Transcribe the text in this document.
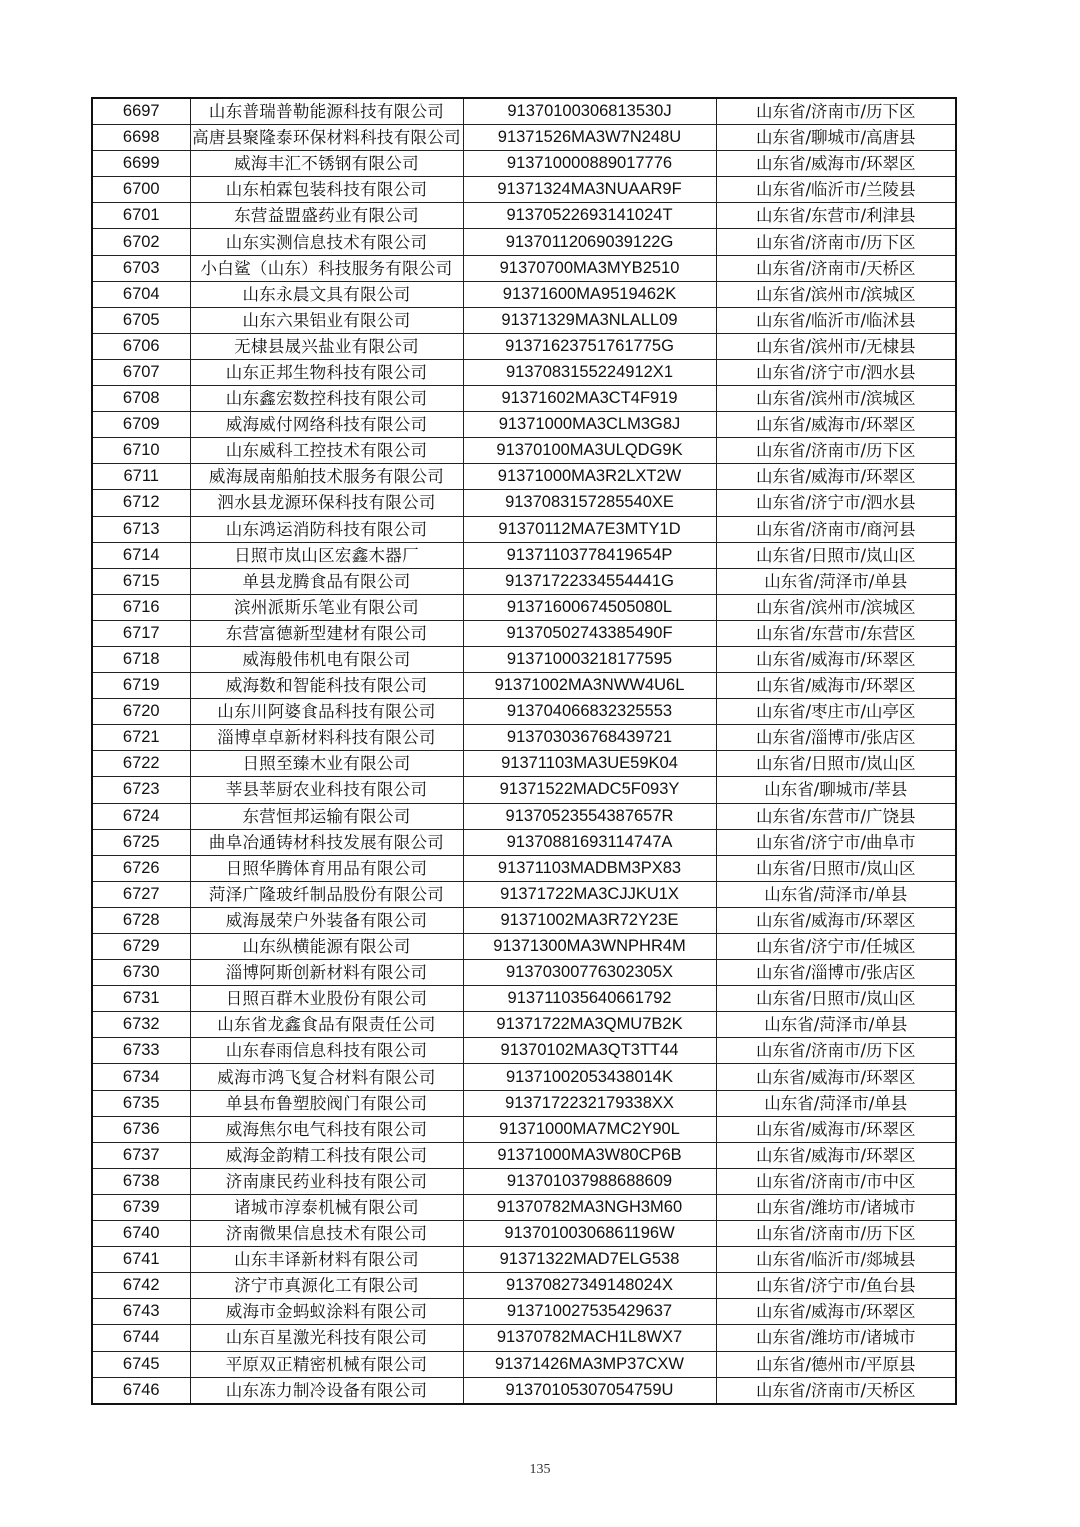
6697	山东普瑞普勒能源科技有限公司	91370100306813530J	山东省/济南市/历下区
6698	高唐县聚隆泰环保材料科技有限公司	91371526MA3W7N248U	山东省/聊城市/高唐县
6699	威海丰汇不锈钢有限公司	913710000889017776	山东省/威海市/环翠区
6700	山东柏霖包装科技有限公司	91371324MA3NUAAR9F	山东省/临沂市/兰陵县
6701	东营益盟盛药业有限公司	91370522693141024T	山东省/东营市/利津县
6702	山东实测信息技术有限公司	91370112069039122G	山东省/济南市/历下区
6703	小白鲨（山东）科技服务有限公司	91370700MA3MYB2510	山东省/济南市/天桥区
6704	山东永晨文具有限公司	91371600MA9519462K	山东省/滨州市/滨城区
6705	山东六果铝业有限公司	91371329MA3NLALL09	山东省/临沂市/临沭县
6706	无棣县晟兴盐业有限公司	91371623751761775G	山东省/滨州市/无棣县
6707	山东正邦生物科技有限公司	91370831552249​12X1	山东省/济宁市/泗水县
6708	山东鑫宏数控科技有限公司	91371602MA3CT4F919	山东省/滨州市/滨城区
6709	威海威付网络科技有限公司	91371000MA3CLM3G8J	山东省/威海市/环翠区
6710	山东威科工控技术有限公司	91370100MA3ULQDG9K	山东省/济南市/历下区
6711	威海晟南船舶技术服务有限公司	91371000MA3R2LXT2W	山东省/威海市/环翠区
6712	泗水县龙源环保科技有限公司	9137083157285540XE	山东省/济宁市/泗水县
6713	山东鸿运消防科技有限公司	91370112MA7E3MTY1D	山东省/济南市/商河县
6714	日照市岚山区宏鑫木器厂	91371103778419654P	山东省/日照市/岚山区
6715	单县龙腾食品有限公司	91371722334554441G	山东省/菏泽市/单县
6716	滨州派斯乐笔业有限公司	91371600674505080L	山东省/滨州市/滨城区
6717	东营富德新型建材有限公司	91370502743385490F	山东省/东营市/东营区
6718	威海般伟机电有限公司	913710003218177595	山东省/威海市/环翠区
6719	威海数和智能科技有限公司	91371002MA3NWW4U6L	山东省/威海市/环翠区
6720	山东川阿婆食品科技有限公司	913704066832325553	山东省/枣庄市/山亭区
6721	淄博卓卓新材料科技有限公司	913703036768439721	山东省/淄博市/张店区
6722	日照至臻木业有限公司	91371103MA3UE59K04	山东省/日照市/岚山区
6723	莘县莘厨农业科技有限公司	91371522MADC5F093Y	山东省/聊城市/莘县
6724	东营恒邦运输有限公司	91370523554387657R	山东省/东营市/广饶县
6725	曲阜冶通铸材科技发展有限公司	91370881693114747A	山东省/济宁市/曲阜市
6726	日照华腾体育用品有限公司	91371103MADBM3PX83	山东省/日照市/岚山区
6727	菏泽广隆玻纤制品股份有限公司	91371722MA3CJJKU1X	山东省/菏泽市/单县
6728	威海晟荣户外装备有限公司	91371002MA3R72Y23E	山东省/威海市/环翠区
6729	山东纵横能源有限公司	91371300MA3WNPHR4M	山东省/济宁市/任城区
6730	淄博阿斯创新材料有限公司	9137030077630​2305X	山东省/淄博市/张店区
6731	日照百群木业股份有限公司	913711035640661792	山东省/日照市/岚山区
6732	山东省龙鑫食品有限责任公司	91371722MA3QMU7B2K	山东省/菏泽市/单县
6733	山东春雨信息科技有限公司	91370102MA3QT3TT44	山东省/济南市/历下区
6734	威海市鸿飞复合材料有限公司	91371002053438014K	山东省/威海市/环翠区
6735	单县布鲁塑胶阀门有限公司	9137172232179338XX	山东省/菏泽市/单县
6736	威海焦尔电气科技有限公司	91371000MA7MC2Y90L	山东省/威海市/环翠区
6737	威海金韵精工科技有限公司	91371000MA3W80CP6B	山东省/威海市/环翠区
6738	济南康民药业科技有限公司	913701037988688609	山东省/济南市/市中区
6739	诸城市淳泰机械有限公司	91370782MA3NGH3M60	山东省/潍坊市/诸城市
6740	济南微果信息技术有限公司	91370100306861196W	山东省/济南市/历下区
6741	山东丰译新材料有限公司	91371322MAD7ELG538	山东省/临沂市/郯城县
6742	济宁市真源化工有限公司	91370827349148024X	山东省/济宁市/鱼台县
6743	威海市金蚂蚁涂料有限公司	913710027535429637	山东省/威海市/环翠区
6744	山东百星激光科技有限公司	91370782MACH1L8WX7	山东省/潍坊市/诸城市
6745	平原双正精密机械有限公司	91371426MA3MP37CXW	山东省/德州市/平原县
6746	山东冻力制冷设备有限公司	91370105307054759U	山东省/济南市/天桥区
135
